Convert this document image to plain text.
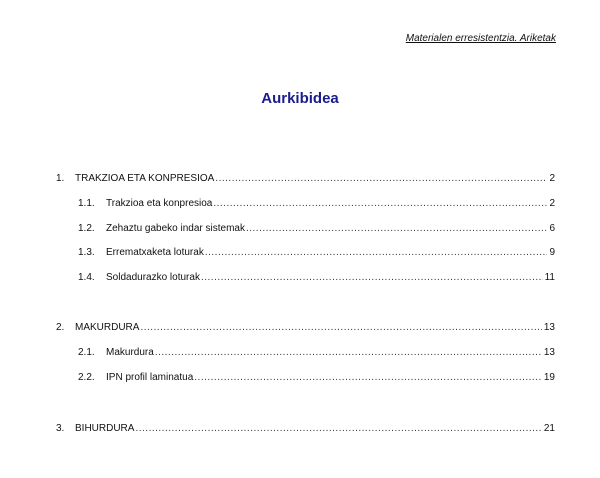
Materialen erresistentzia. Ariketak
Aurkibidea
1.	TRAKZIOA ETA KONPRESIOA .....	2
1.1.	Trakzioa eta konpresioa .....	2
1.2.	Zehaztu gabeko indar sistemak .....	6
1.3.	Errematxaketa loturak .....	9
1.4.	Soldadurazko loturak .....	11
2.	MAKURDURA .....	13
2.1.	Makurdura .....	13
2.2.	IPN profil laminatua .....	19
3.	BIHURDURA .....	21
